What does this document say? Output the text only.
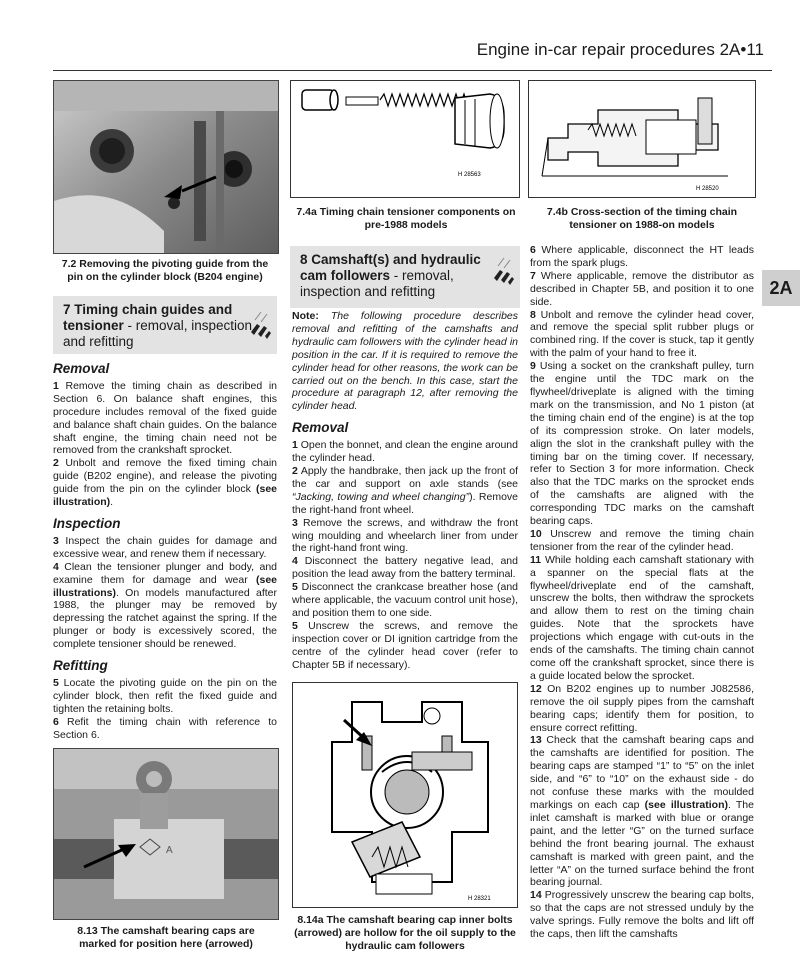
Engine in-car repair procedures 2A•11
2A
7.2 Removing the pivoting guide from the pin on the cylinder block (B204 engine)
H 28563
7.4a Timing chain tensioner components on pre-1988 models
H 28520
7.4b Cross-section of the timing chain tensioner on 1988-on models
7 Timing chain guides and tensioner - removal, inspection and refitting
Removal

1 Remove the timing chain as described in Section 6. On balance shaft engines, this procedure includes removal of the fixed guide and balance shaft chain guides. On the balance shaft engine, the timing chain need not be removed from the crankshaft sprocket.

2 Unbolt and remove the fixed timing chain guide (B202 engine), and release the pivoting guide from the pin on the cylinder block (see illustration).

Inspection

3 Inspect the chain guides for damage and excessive wear, and renew them if necessary.

4 Clean the tensioner plunger and body, and examine them for damage and wear (see illustrations). On models manufactured after 1988, the plunger may be removed by depressing the ratchet against the spring. If the plunger or body is excessively scored, the complete tensioner should be renewed.

Refitting

5 Locate the pivoting guide on the pin on the cylinder block, then refit the fixed guide and tighten the retaining bolts.

6 Refit the timing chain with reference to Section 6.

A
8.13 The camshaft bearing caps are marked for position here (arrowed)
8 Camshaft(s) and hydraulic cam followers - removal, inspection and refitting

Note: The following procedure describes removal and refitting of the camshafts and hydraulic cam followers with the cylinder head in position in the car. If it is required to remove the cylinder head for other reasons, the work can be carried out on the bench. In this case, start the procedure at paragraph 12, after removing the cylinder head.

Removal

1 Open the bonnet, and clean the engine around the cylinder head.

2 Apply the handbrake, then jack up the front of the car and support on axle stands (see “Jacking, towing and wheel changing”). Remove the right-hand front wheel.

3 Remove the screws, and withdraw the front wing moulding and wheelarch liner from under the right-hand front wing.

4 Disconnect the battery negative lead, and position the lead away from the battery terminal.

5 Disconnect the crankcase breather hose (and where applicable, the vacuum control unit hose), and position them to one side.

5 Unscrew the screws, and remove the inspection cover or DI ignition cartridge from the centre of the cylinder head cover (refer to Chapter 5B if necessary).

H 28321
8.14a The camshaft bearing cap inner bolts (arrowed) are hollow for the oil supply to the hydraulic cam followers

6 Where applicable, disconnect the HT leads from the spark plugs.

7 Where applicable, remove the distributor as described in Chapter 5B, and position it to one side.

8 Unbolt and remove the cylinder head cover, and remove the special split rubber plugs or combined ring. If the cover is stuck, tap it gently with the palm of your hand to free it.

9 Using a socket on the crankshaft pulley, turn the engine until the TDC mark on the flywheel/driveplate is aligned with the timing mark on the transmission, and No 1 piston (at the timing chain end of the engine) is at the top of its compression stroke. On later models, align the slot in the crankshaft pulley with the timing bar on the timing cover. If necessary, refer to Section 3 for more information. Check also that the TDC marks on the sprocket ends of the camshafts are aligned with the corresponding TDC marks on the camshaft bearing caps.

10 Unscrew and remove the timing chain tensioner from the rear of the cylinder head.

11 While holding each camshaft stationary with a spanner on the special flats at the flywheel/driveplate end of the camshaft, unscrew the bolts, then withdraw the sprockets and allow them to rest on the timing chain guides. Note that the sprockets have projections which engage with cut-outs in the ends of the camshafts. The timing chain cannot come off the crankshaft sprocket, since there is a guide located below the sprocket.

12 On B202 engines up to number J082586, remove the oil supply pipes from the camshaft bearing caps; identify them for position, to ensure correct refitting.

13 Check that the camshaft bearing caps and the camshafts are identified for position. The bearing caps are stamped “1” to “5” on the inlet side, and “6” to “10” on the exhaust side - do not confuse these marks with the moulded markings on each cap (see illustration). The inlet camshaft is marked with blue or orange paint, and the letter “G” on the turned surface behind the front bearing journal. The exhaust camshaft is marked with green paint, and the letter “A” on the turned surface behind the front bearing journal.

14 Progressively unscrew the bearing cap bolts, so that the caps are not stressed unduly by the valve springs. Fully remove the bolts and lift off the caps, then lift the camshafts
